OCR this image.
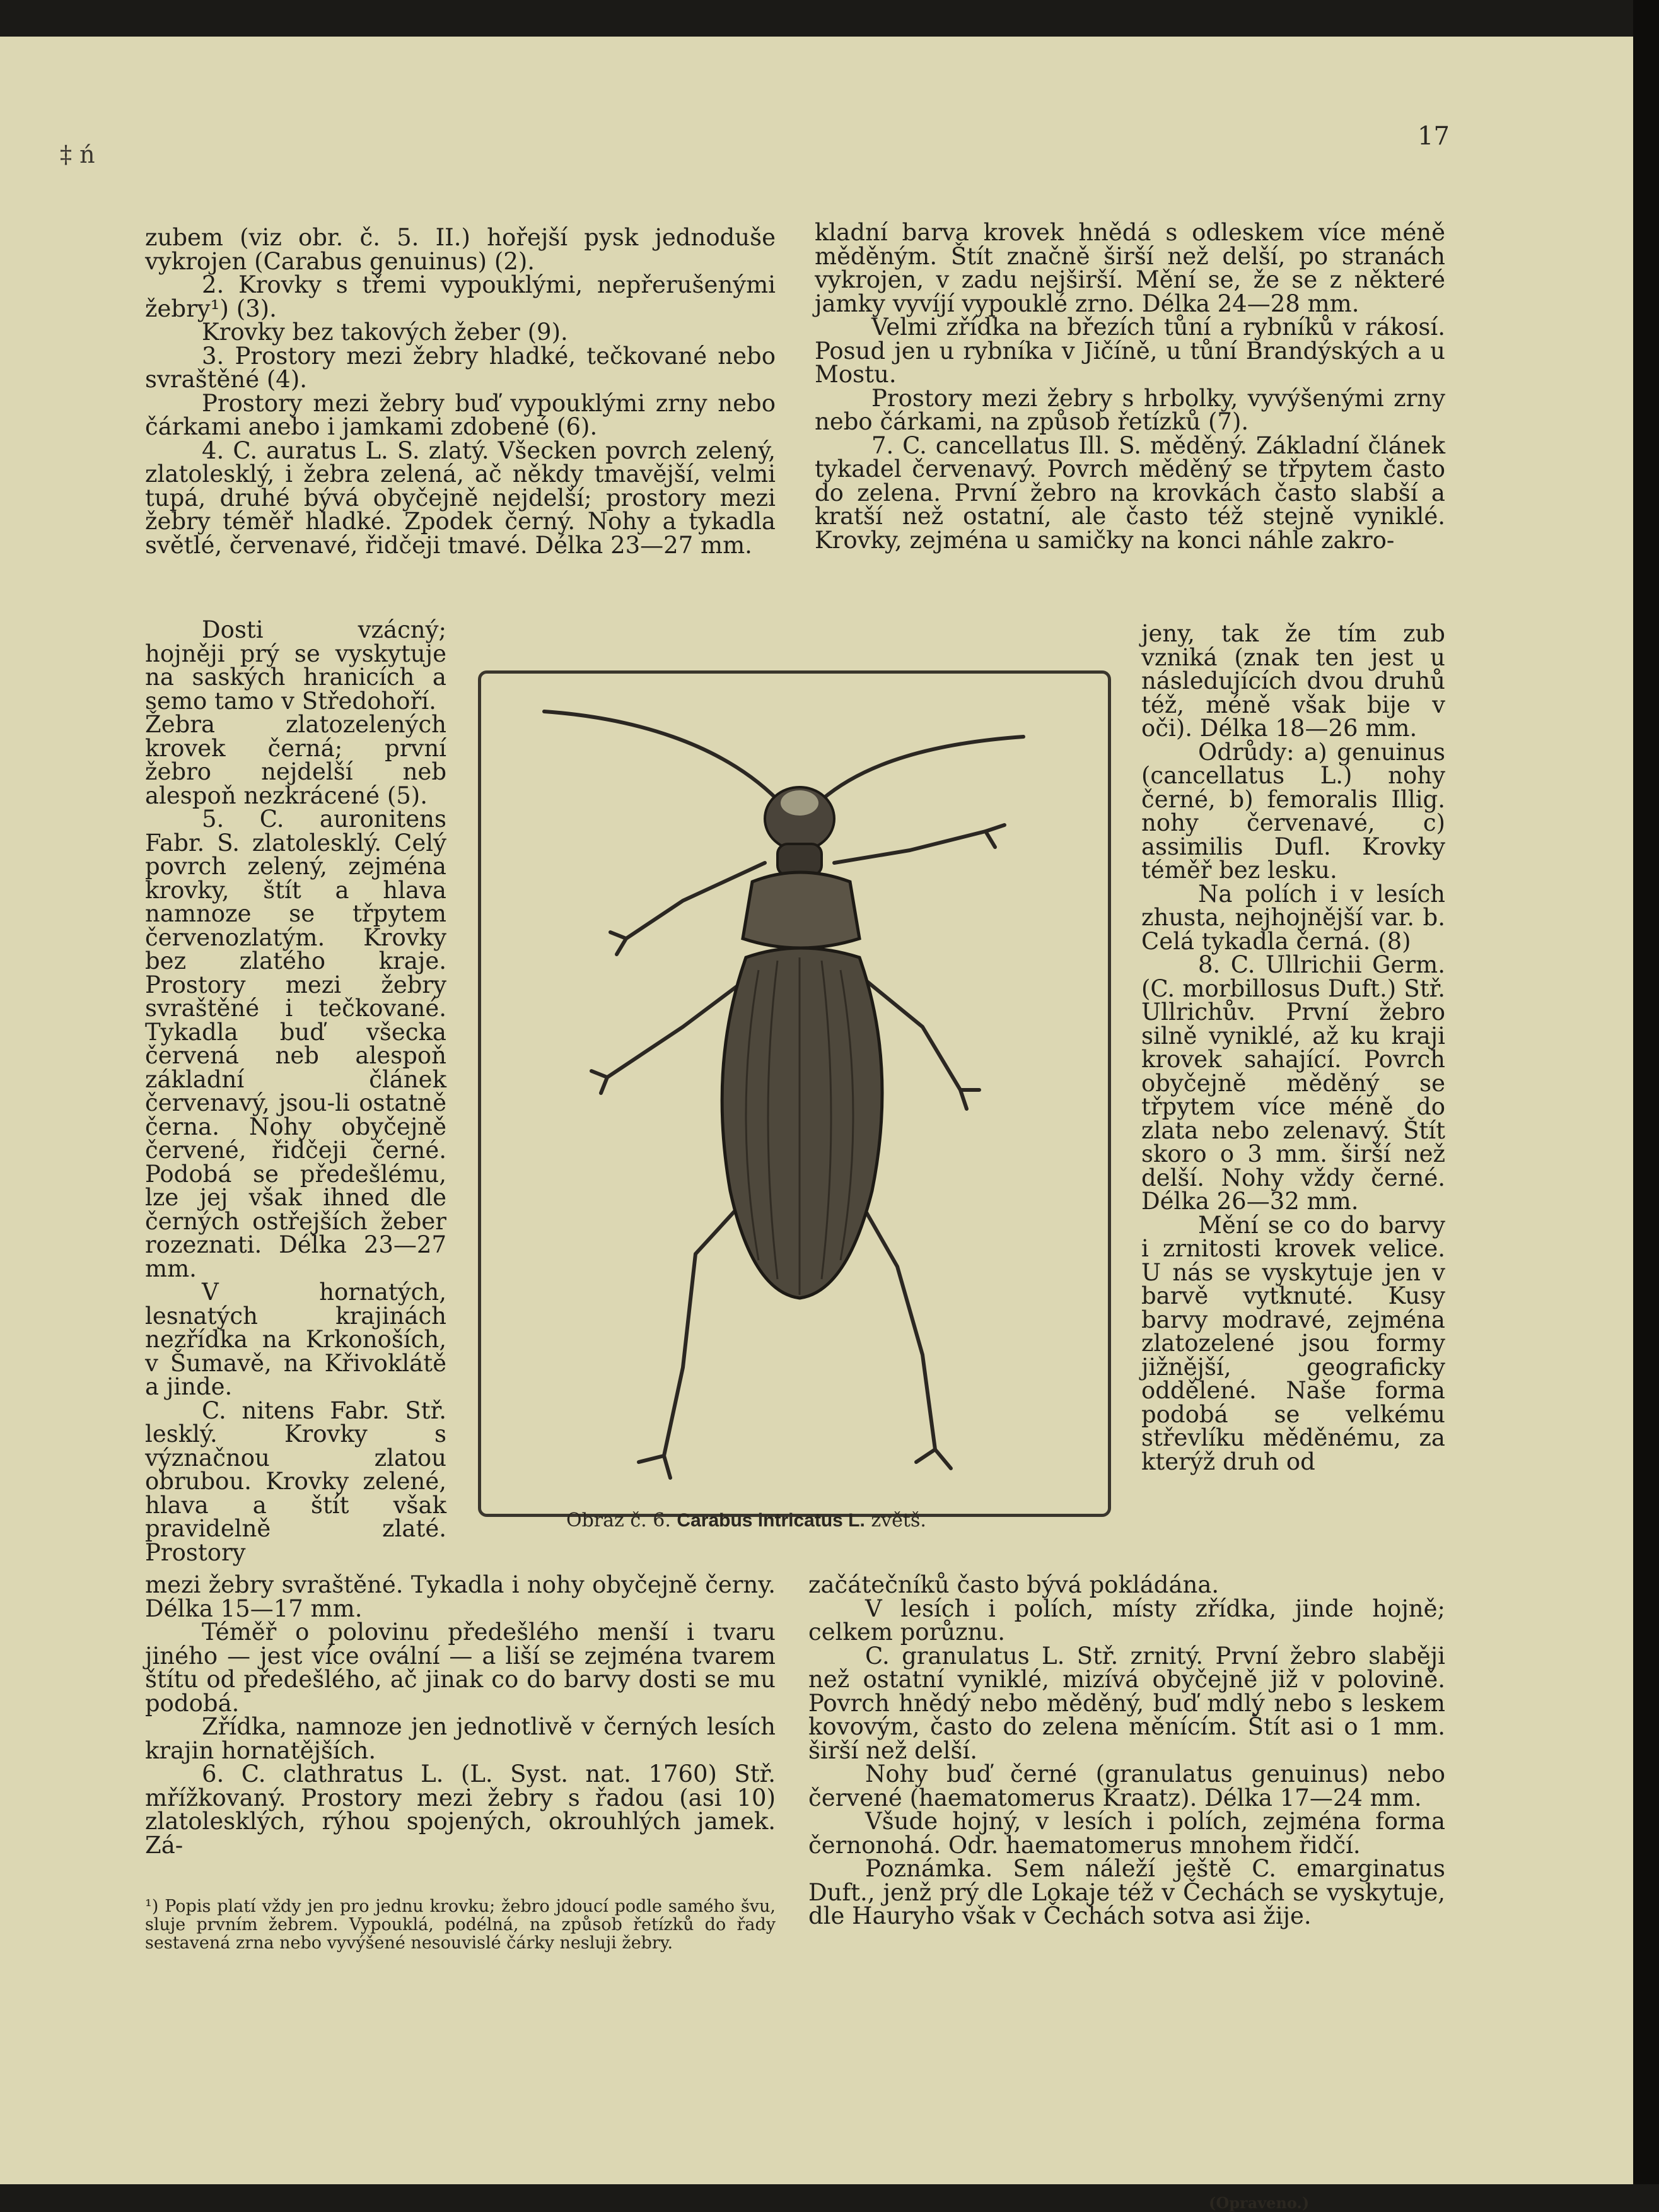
‡ ń
17

zubem (viz obr. č. 5. II.) hořejší pysk jednoduše vykrojen (Carabus genuinus) (2).

2. Krovky s třemi vypouklými, nepřerušenými žebry¹) (3).

Krovky bez takových žeber (9).

3. Prostory mezi žebry hladké, tečkované nebo svraštěné (4).

Prostory mezi žebry buď vypouklými zrny nebo čárkami anebo i jamkami zdobené (6).

4. C. auratus L. S. zlatý. Všecken povrch zelený, zlatolesklý, i žebra zelená, ač někdy tmavější, velmi tupá, druhé bývá obyčejně nejdelší; prostory mezi žebry téměř hladké. Zpodek černý. Nohy a tykadla světlé, červenavé, řidčeji tmavé. Délka 23—27 mm.

Dosti vzácný; hojněji prý se vyskytuje na saských hranicích a semo tamo v Středohoří.

Žebra zlatozelených krovek černá; první žebro nejdelší neb alespoň nezkrácené (5).

5. C. auronitens Fabr. S. zlatolesklý. Celý povrch zelený, zejména krovky, štít a hlava namnoze se třpytem červenozlatým. Krovky bez zlatého kraje. Prostory mezi žebry svraštěné i tečkované. Tykadla buď všecka červená neb alespoň základní článek červenavý, jsou-li ostatně černa. Nohy obyčejně červené, řidčeji černé. Podobá se předešlému, lze jej však ihned dle černých ostřejších žeber rozeznati. Délka 23—27 mm.

V hornatých, lesnatých krajinách nezřídka na Krkonoších, v Šumavě, na Křivoklátě a jinde.

C. nitens Fabr. Stř. lesklý. Krovky s význačnou zlatou obrubou. Krovky zelené, hlava a štít však pravidelně zlaté. Prostory

mezi žebry svraštěné. Tykadla i nohy obyčejně černy. Délka 15—17 mm.

Téměř o polovinu předešlého menší i tvaru jiného — jest více ovální — a liší se zejména tvarem štítu od předešlého, ač jinak co do barvy dosti se mu podobá.

Zřídka, namnoze jen jednotlivě v černých lesích krajin hornatějších.

6. C. clathratus L. (L. Syst. nat. 1760) Stř. mřížkovaný. Prostory mezi žebry s řadou (asi 10) zlatolesklých, rýhou spojených, okrouhlých jamek. Zá-

¹) Popis platí vždy jen pro jednu krovku; žebro jdoucí podle samého švu, sluje prvním žebrem. Vypouklá, podélná, na způsob řetízků do řady sestavená zrna nebo vyvýšené nesouvislé čárky nesluji žebry.

kladní barva krovek hnědá s odleskem více méně měděným. Štít značně širší než delší, po stranách vykrojen, v zadu nejširší. Mění se, že se z některé jamky vyvíjí vypouklé zrno. Délka 24—28 mm.

Velmi zřídka na březích tůní a rybníků v rákosí. Posud jen u rybníka v Jičíně, u tůní Brandýských a u Mostu.

Prostory mezi žebry s hrbolky, vyvýšenými zrny nebo čárkami, na způsob řetízků (7).

7. C. cancellatus Ill. S. měděný. Základní článek tykadel červenavý. Povrch měděný se třpytem často do zelena. První žebro na krovkách často slabší a kratší než ostatní, ale často též stejně vyniklé. Krovky, zejména u samičky na konci náhle zakro-

jeny, tak že tím zub vzniká (znak ten jest u následujících dvou druhů též, méně však bije v oči). Délka 18—26 mm.

Odrůdy: a) genuinus (cancellatus L.) nohy černé, b) femoralis Illig. nohy červenavé, c) assimilis Dufl. Krovky téměř bez lesku.

Na polích i v lesích zhusta, nejhojnější var. b. Celá tykadla černá. (8)

8. C. Ullrichii Germ. (C. morbillosus Duft.) Stř. Ullrichův. První žebro silně vyniklé, až ku kraji krovek sahající. Povrch obyčejně měděný se třpytem více méně do zlata nebo zelenavý. Štít skoro o 3 mm. širší než delší. Nohy vždy černé. Délka 26—32 mm.

Mění se co do barvy i zrnitosti krovek velice. U nás se vyskytuje jen v barvě vytknuté. Kusy barvy modravé, zejména zlatozelené jsou formy jižnější, geograficky oddělené. Naše forma podobá se velkému střevlíku měděnému, za kterýž druh od

začátečníků často bývá pokládána.

V lesích i polích, místy zřídka, jinde hojně; celkem porůznu.

C. granulatus L. Stř. zrnitý. První žebro slaběji než ostatní vyniklé, mizívá obyčejně již v polovině. Povrch hnědý nebo měděný, buď mdlý nebo s leskem kovovým, často do zelena měnícím. Štít asi o 1 mm. širší než delší.

Nohy buď černé (granulatus genuinus) nebo červené (haematomerus Kraatz). Délka 17—24 mm.

Všude hojný, v lesích i polích, zejména forma černonohá. Odr. haematomerus mnohem řidčí.

Poznámka. Sem náleží ještě C. emarginatus Duft., jenž prý dle Lokaje též v Čechách se vyskytuje, dle Hauryho však v Čechách sotva asi žije.

Obraz č. 6. Carabus intricatus L. zvětš.
(Opraveno.)
